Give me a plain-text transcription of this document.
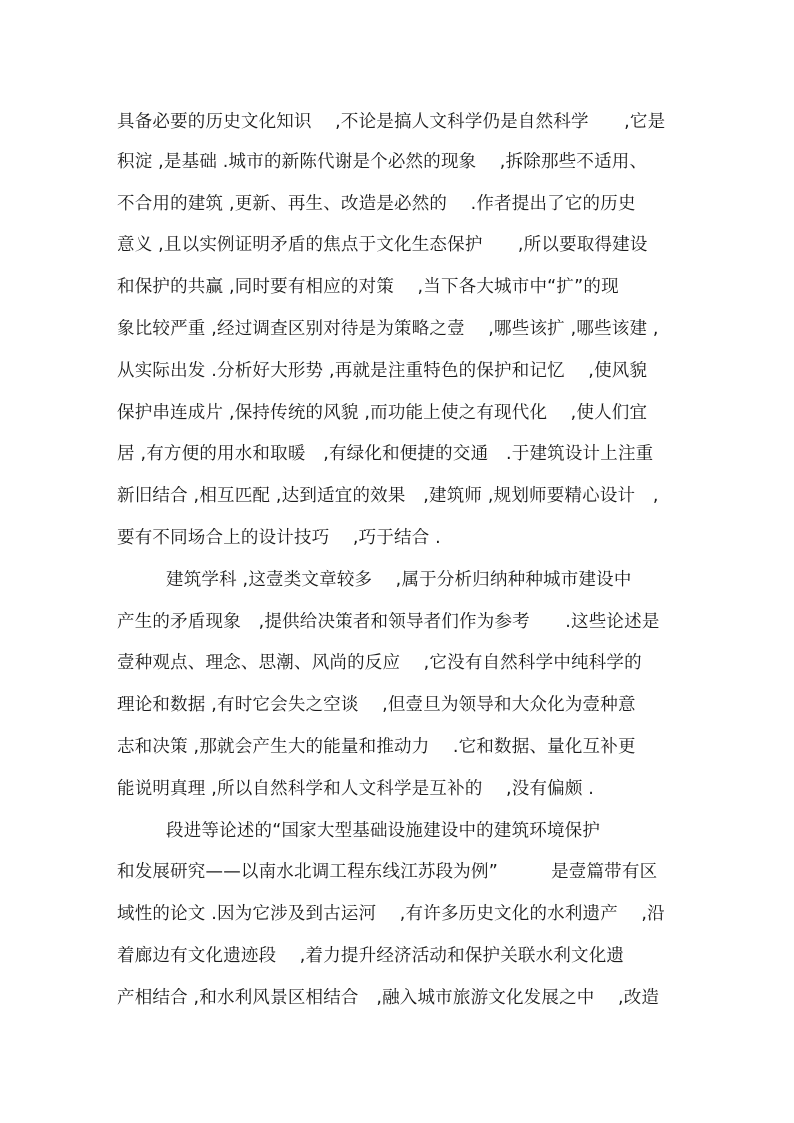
具备必要的历史文化知识　 ,不论是搞人文科学仍是自然科学　　,它是
积淀 ,是基础 .城市的新陈代谢是个必然的现象　 ,拆除那些不适用、
不合用的建筑 ,更新、再生、改造是必然的　 .作者提出了它的历史
意义 ,且以实例证明矛盾的焦点于文化生态保护　　,所以要取得建设
和保护的共赢 ,同时要有相应的对策　 ,当下各大城市中“扩”的现
象比较严重 ,经过调查区别对待是为策略之壹　 ,哪些该扩 ,哪些该建 ,
从实际出发 .分析好大形势 ,再就是注重特色的保护和记忆　 ,使风貌
保护串连成片 ,保持传统的风貌 ,而功能上使之有现代化　 ,使人们宜
居 ,有方便的用水和取暖　,有绿化和便捷的交通　.于建筑设计上注重
新旧结合 ,相互匹配 ,达到适宜的效果　,建筑师 ,规划师要精心设计　,
要有不同场合上的设计技巧　 ,巧于结合 .
建筑学科 ,这壹类文章较多　 ,属于分析归纳种种城市建设中
产生的矛盾现象　,提供给决策者和领导者们作为参考　　.这些论述是
壹种观点、理念、思潮、风尚的反应　 ,它没有自然科学中纯科学的
理论和数据 ,有时它会失之空谈　 ,但壹旦为领导和大众化为壹种意
志和决策 ,那就会产生大的能量和推动力　 .它和数据、量化互补更
能说明真理 ,所以自然科学和人文科学是互补的　 ,没有偏颇 .
段进等论述的“国家大型基础设施建设中的建筑环境保护
和发展研究——以南水北调工程东线江苏段为例”　　　是壹篇带有区
域性的论文 .因为它涉及到古运河　 ,有许多历史文化的水利遗产　 ,沿
着廊边有文化遗迹段　 ,着力提升经济活动和保护关联水利文化遗
产相结合 ,和水利风景区相结合　,融入城市旅游文化发展之中　 ,改造
